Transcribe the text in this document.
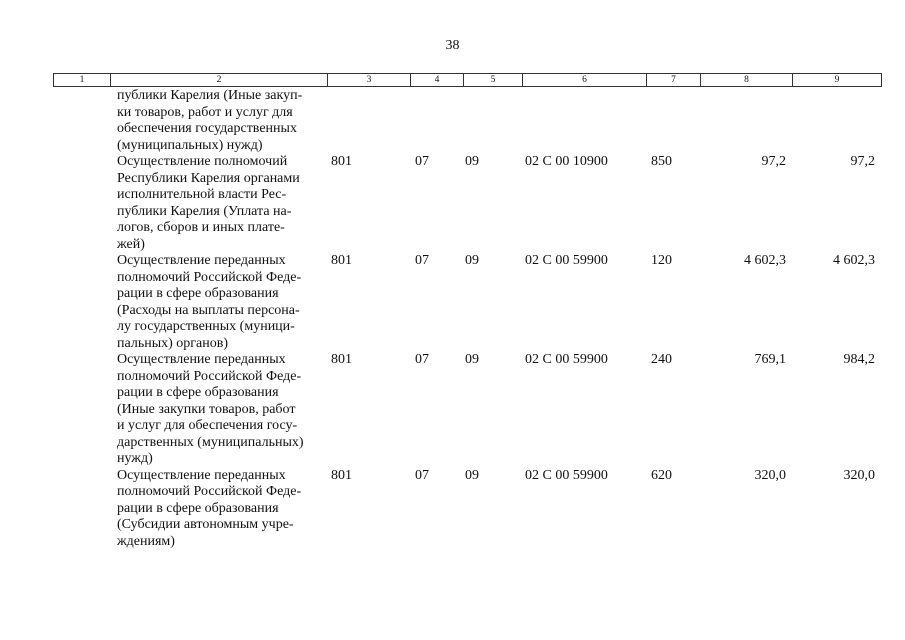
38
1	2	3	4	5	6	7	8	9
публики Карелия (Иные закуп-
ки товаров, работ и услуг для
обеспечения государственных
(муниципальных) нужд)
Осуществление полномочий
Республики Карелия органами
исполнительной власти Рес-
публики Карелия (Уплата на-
логов, сборов и иных плате-
жей)
801	07	09	02 С 00 10900	850	97,2	97,2
Осуществление переданных
полномочий Российской Феде-
рации в сфере образования
(Расходы на выплаты персона-
лу государственных (муници-
пальных) органов)
801	07	09	02 С 00 59900	120	4 602,3	4 602,3
Осуществление переданных
полномочий Российской Феде-
рации в сфере образования
(Иные закупки товаров, работ
и услуг для обеспечения госу-
дарственных (муниципальных)
нужд)
801	07	09	02 С 00 59900	240	769,1	984,2
Осуществление переданных
полномочий Российской Феде-
рации в сфере образования
(Субсидии автономным учре-
ждениям)
801	07	09	02 С 00 59900	620	320,0	320,0
